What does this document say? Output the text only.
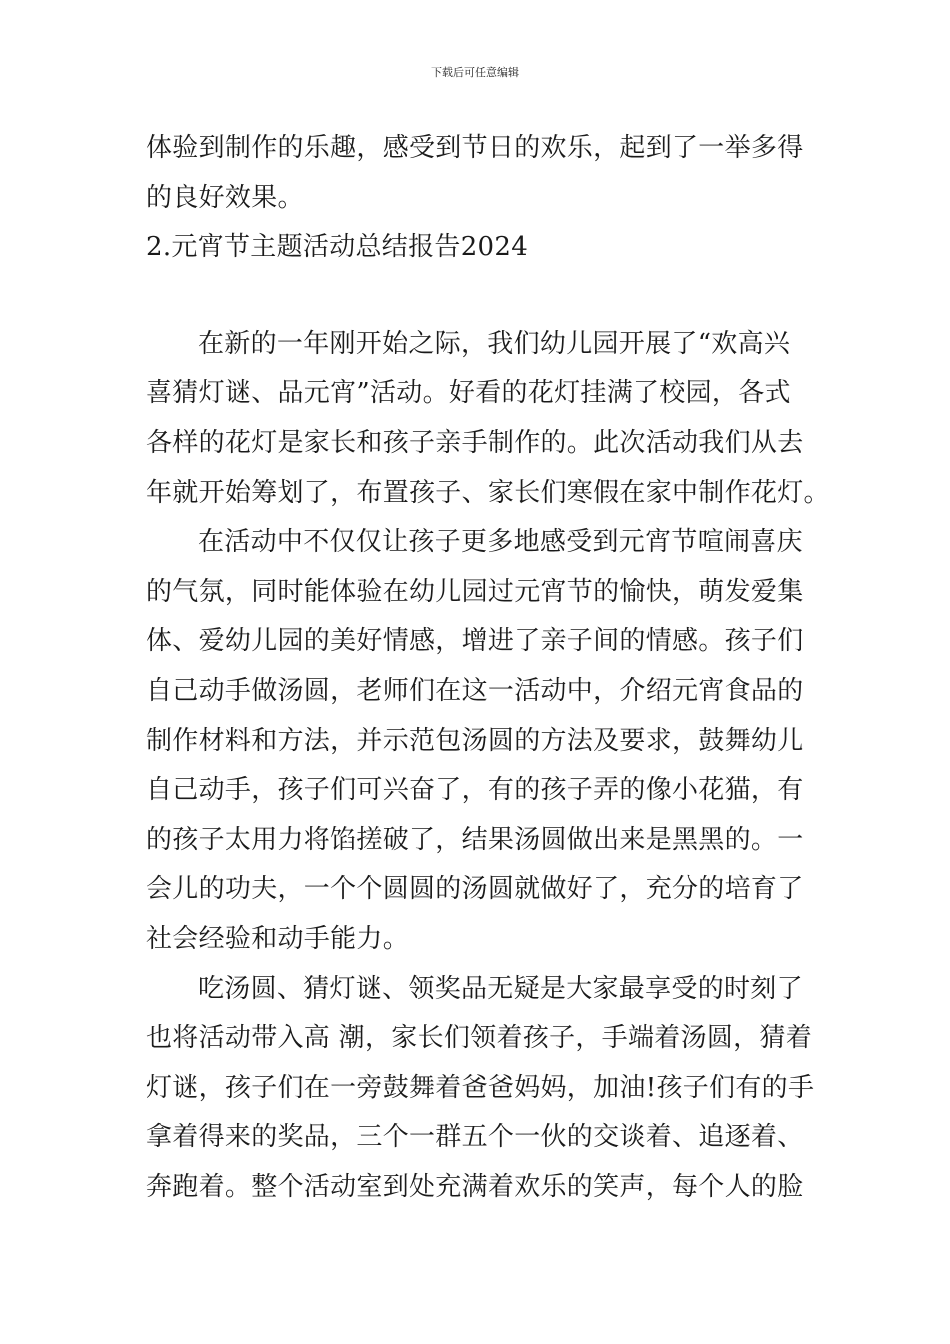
下载后可任意编辑
体验到制作的乐趣，感受到节日的欢乐，起到了一举多得
的良好效果。
2.元宵节主题活动总结报告2024
在新的一年刚开始之际，我们幼儿园开展了“欢高兴
喜猜灯谜、品元宵”活动。好看的花灯挂满了校园，各式
各样的花灯是家长和孩子亲手制作的。此次活动我们从去
年就开始筹划了，布置孩子、家长们寒假在家中制作花灯。
在活动中不仅仅让孩子更多地感受到元宵节喧闹喜庆
的气氛，同时能体验在幼儿园过元宵节的愉快，萌发爱集
体、爱幼儿园的美好情感，增进了亲子间的情感。孩子们
自己动手做汤圆，老师们在这一活动中，介绍元宵食品的
制作材料和方法，并示范包汤圆的方法及要求，鼓舞幼儿
自己动手，孩子们可兴奋了，有的孩子弄的像小花猫，有
的孩子太用力将馅搓破了，结果汤圆做出来是黑黑的。一
会儿的功夫，一个个圆圆的汤圆就做好了，充分的培育了
社会经验和动手能力。
吃汤圆、猜灯谜、领奖品无疑是大家最享受的时刻了
也将活动带入高 潮，家长们领着孩子，手端着汤圆，猜着
灯谜，孩子们在一旁鼓舞着爸爸妈妈，加油!孩子们有的手
拿着得来的奖品，三个一群五个一伙的交谈着、追逐着、
奔跑着。整个活动室到处充满着欢乐的笑声，每个人的脸
